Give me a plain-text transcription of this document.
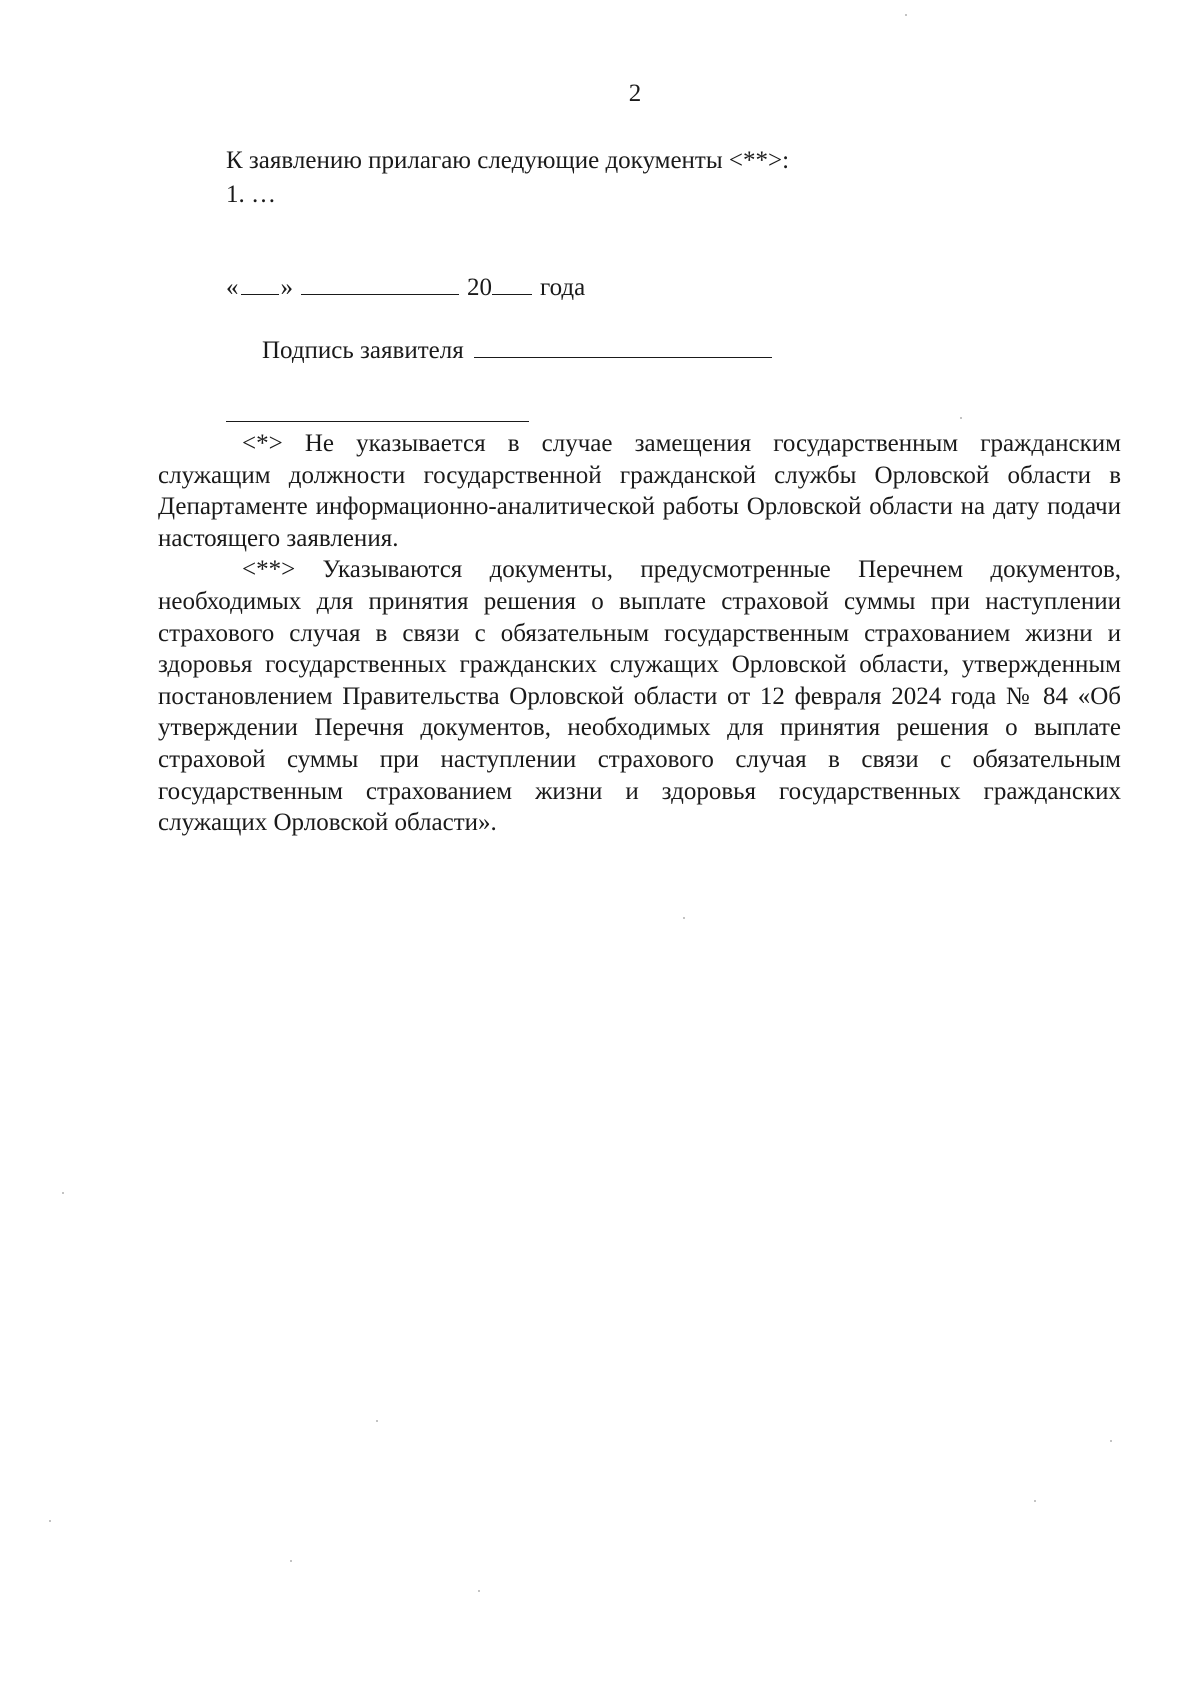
2
К заявлению прилагаю следующие документы <**>:
1. …
« »	20 года
Подпись заявителя

<*> Не указывается в случае замещения государственным гражданским служащим должности государственной гражданской службы Орловской области в Департаменте информационно-аналитической работы Орловской области на дату подачи настоящего заявления.

<**> Указываются документы, предусмотренные Перечнем документов, необходимых для принятия решения о выплате страховой суммы при наступлении страхового случая в связи с обязательным государственным страхованием жизни и здоровья государственных гражданских служащих Орловской области, утвержденным постановлением Правительства Орловской области от 12 февраля 2024 года № 84 «Об утверждении Перечня документов, необходимых для принятия решения о выплате страховой суммы при наступлении страхового случая в связи с обязательным государственным страхованием жизни и здоровья государственных гражданских служащих Орловской области».
